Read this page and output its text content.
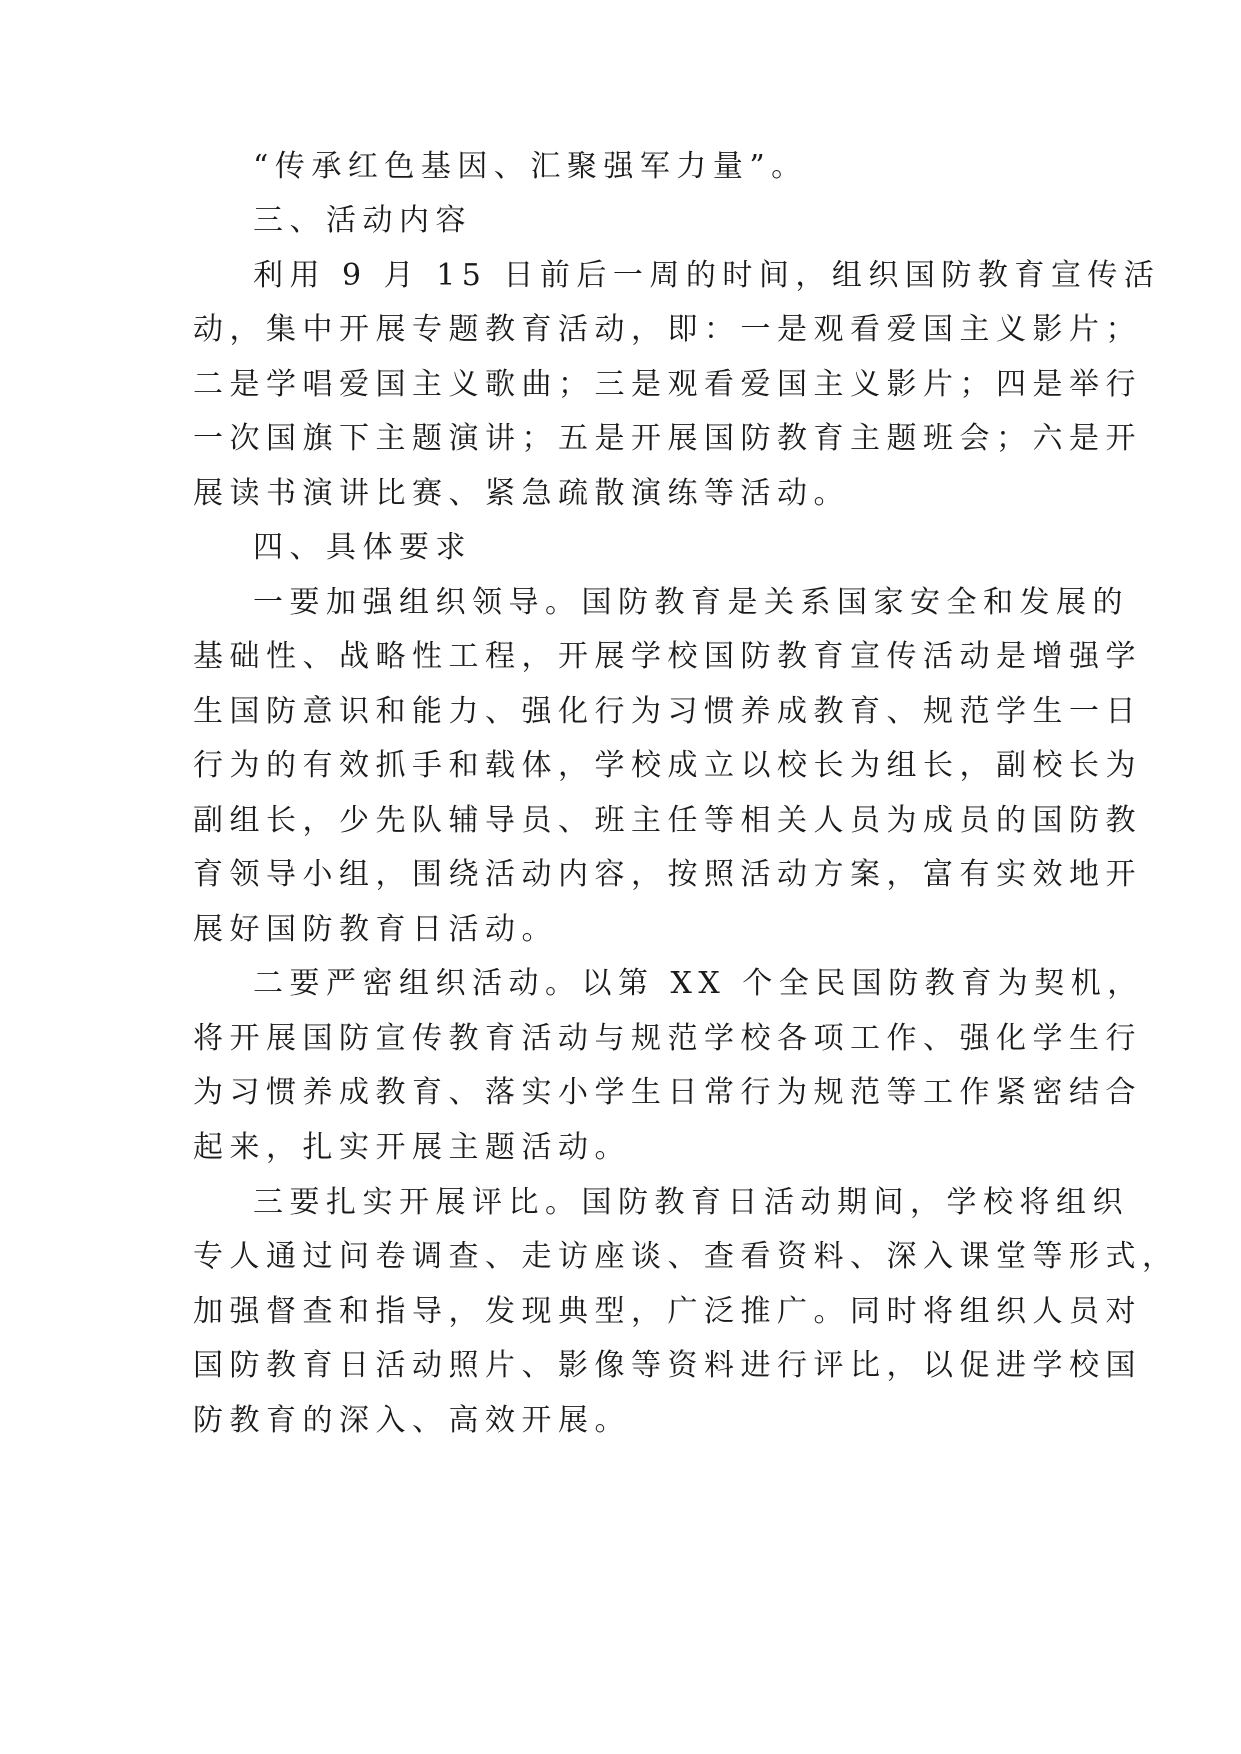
“传承红色基因、汇聚强军力量”。
三、活动内容
利用 9 月 15 日前后一周的时间，组织国防教育宣传活
动，集中开展专题教育活动，即：一是观看爱国主义影片；
二是学唱爱国主义歌曲；三是观看爱国主义影片；四是举行
一次国旗下主题演讲；五是开展国防教育主题班会；六是开
展读书演讲比赛、紧急疏散演练等活动。
四、具体要求
一要加强组织领导。国防教育是关系国家安全和发展的
基础性、战略性工程，开展学校国防教育宣传活动是增强学
生国防意识和能力、强化行为习惯养成教育、规范学生一日
行为的有效抓手和载体，学校成立以校长为组长，副校长为
副组长，少先队辅导员、班主任等相关人员为成员的国防教
育领导小组，围绕活动内容，按照活动方案，富有实效地开
展好国防教育日活动。
二要严密组织活动。以第 XX 个全民国防教育为契机，
将开展国防宣传教育活动与规范学校各项工作、强化学生行
为习惯养成教育、落实小学生日常行为规范等工作紧密结合
起来，扎实开展主题活动。
三要扎实开展评比。国防教育日活动期间，学校将组织
专人通过问卷调查、走访座谈、查看资料、深入课堂等形式，
加强督查和指导，发现典型，广泛推广。同时将组织人员对
国防教育日活动照片、影像等资料进行评比，以促进学校国
防教育的深入、高效开展。
